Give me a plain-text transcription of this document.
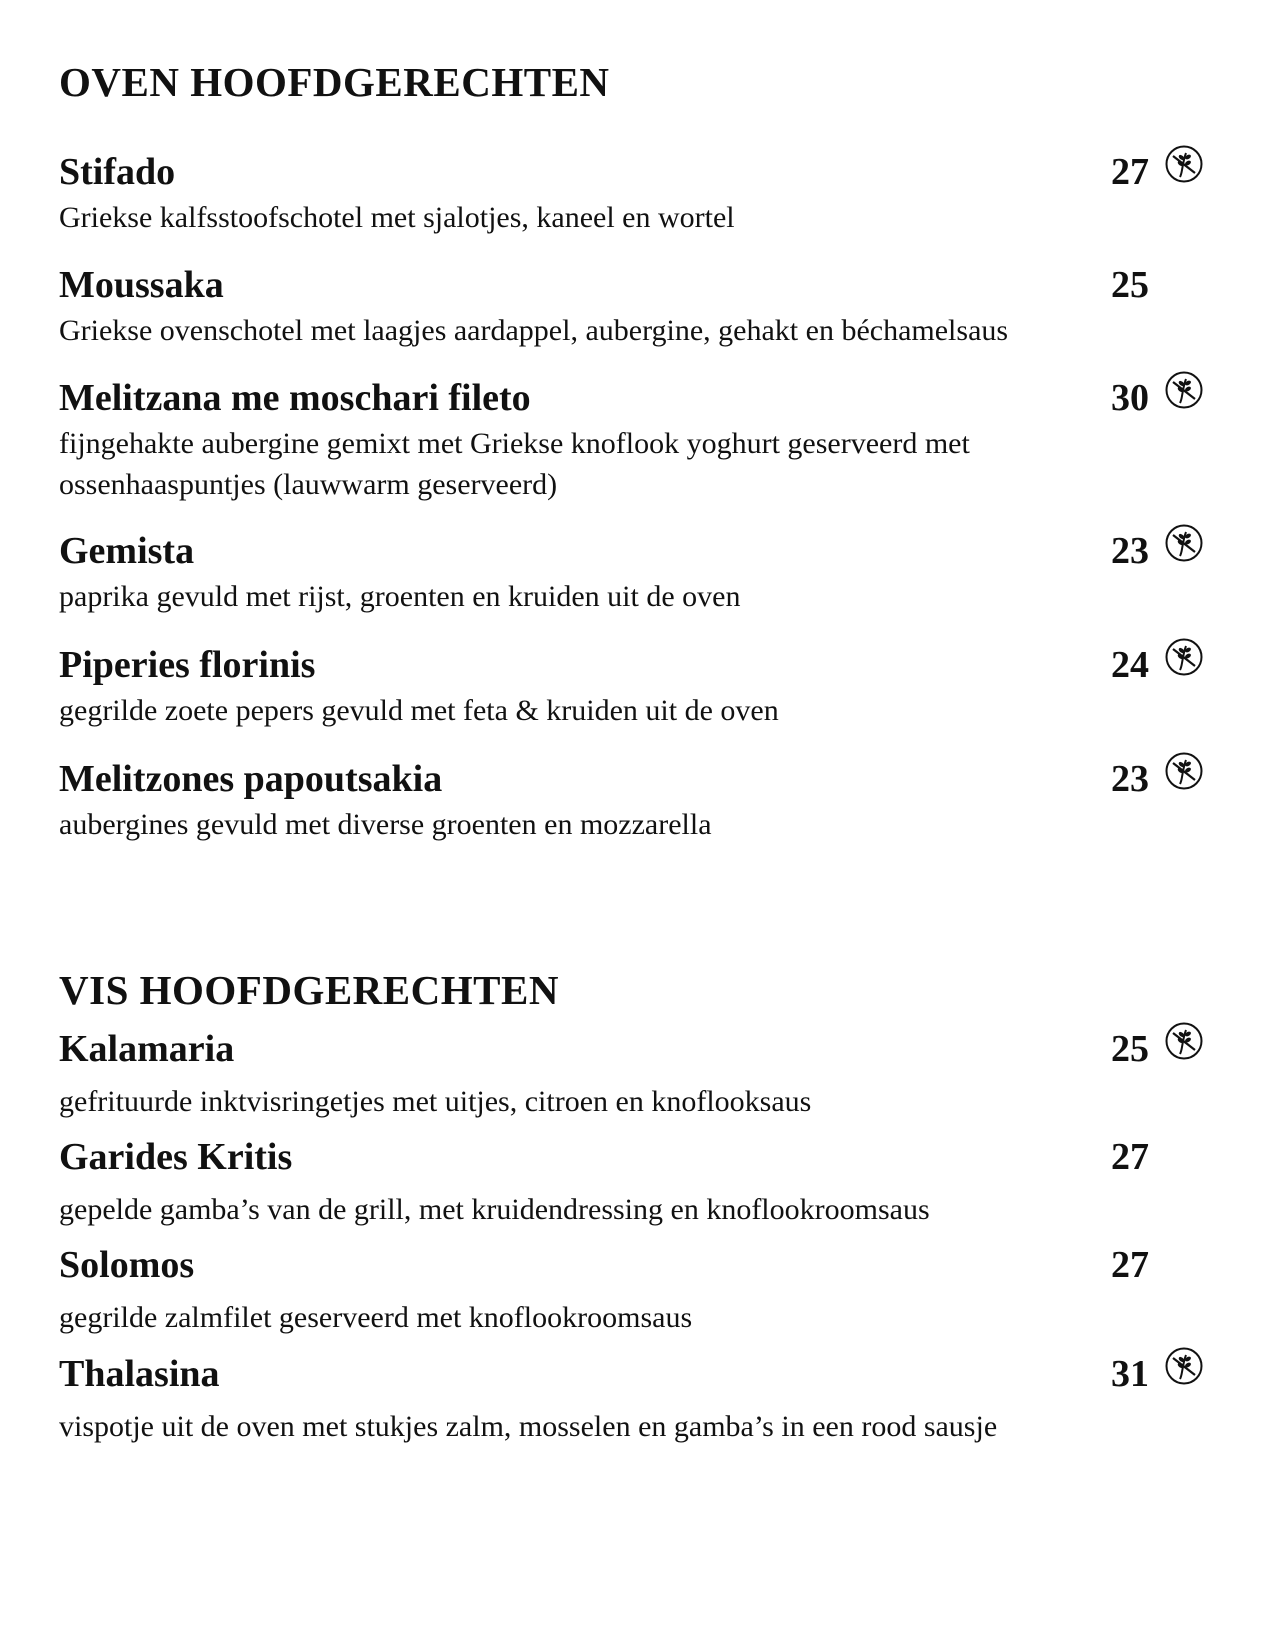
OVEN HOOFDGERECHTEN
Stifado	27
Griekse kalfsstoofschotel met sjalotjes, kaneel en wortel
Moussaka	25
Griekse ovenschotel met laagjes aardappel, aubergine, gehakt en béchamelsaus
Melitzana me moschari fileto	30
fijngehakte aubergine gemixt met Griekse knoflook yoghurt geserveerd met ossenhaaspuntjes (lauwwarm geserveerd)
Gemista	23
paprika gevuld met rijst, groenten en kruiden uit de oven
Piperies florinis	24
gegrilde zoete pepers gevuld met feta & kruiden uit de oven
Melitzones papoutsakia	23
aubergines gevuld met diverse groenten en mozzarella
VIS HOOFDGERECHTEN
Kalamaria	25
gefrituurde inktvisringetjes met uitjes, citroen en knoflooksaus
Garides Kritis	27
gepelde gamba’s van de grill, met kruidendressing en knoflookroomsaus
Solomos	27
gegrilde zalmfilet geserveerd met knoflookroomsaus
Thalasina	31
vispotje uit de oven met stukjes zalm, mosselen en gamba’s in een rood sausje
